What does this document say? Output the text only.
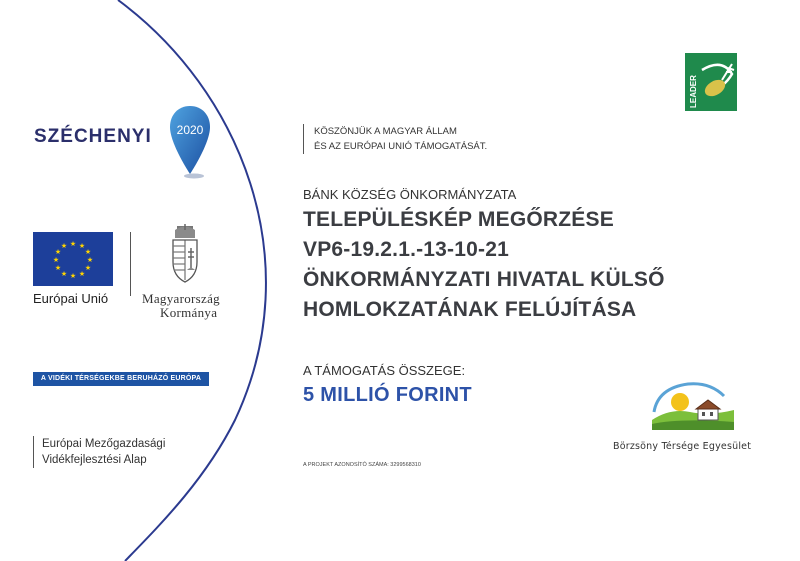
SZÉCHENYI 2020
★ ★
★
★
★
★
★
★
★
★
★
★
Európai Unió	Magyarország
Kormánya
A VIDÉKI TÉRSÉGEKBE BERUHÁZÓ EURÓPA
Európai Mezőgazdasági
Vidékfejlesztési Alap
KÖSZÖNJÜK A MAGYAR ÁLLAM
ÉS AZ EURÓPAI UNIÓ TÁMOGATÁSÁT.
BÁNK KÖZSÉG ÖNKORMÁNYZATA
TELEPÜLÉSKÉP MEGŐRZÉSE
VP6-19.2.1.-13-10-21
ÖNKORMÁNYZATI HIVATAL KÜLSŐ
HOMLOKZATÁNAK FELÚJÍTÁSA
A TÁMOGATÁS ÖSSZEGE:
5 MILLIÓ FORINT
A PROJEKT AZONOSÍTÓ SZÁMA: 3299568310
LEADER
Börzsöny Térsége Egyesület
